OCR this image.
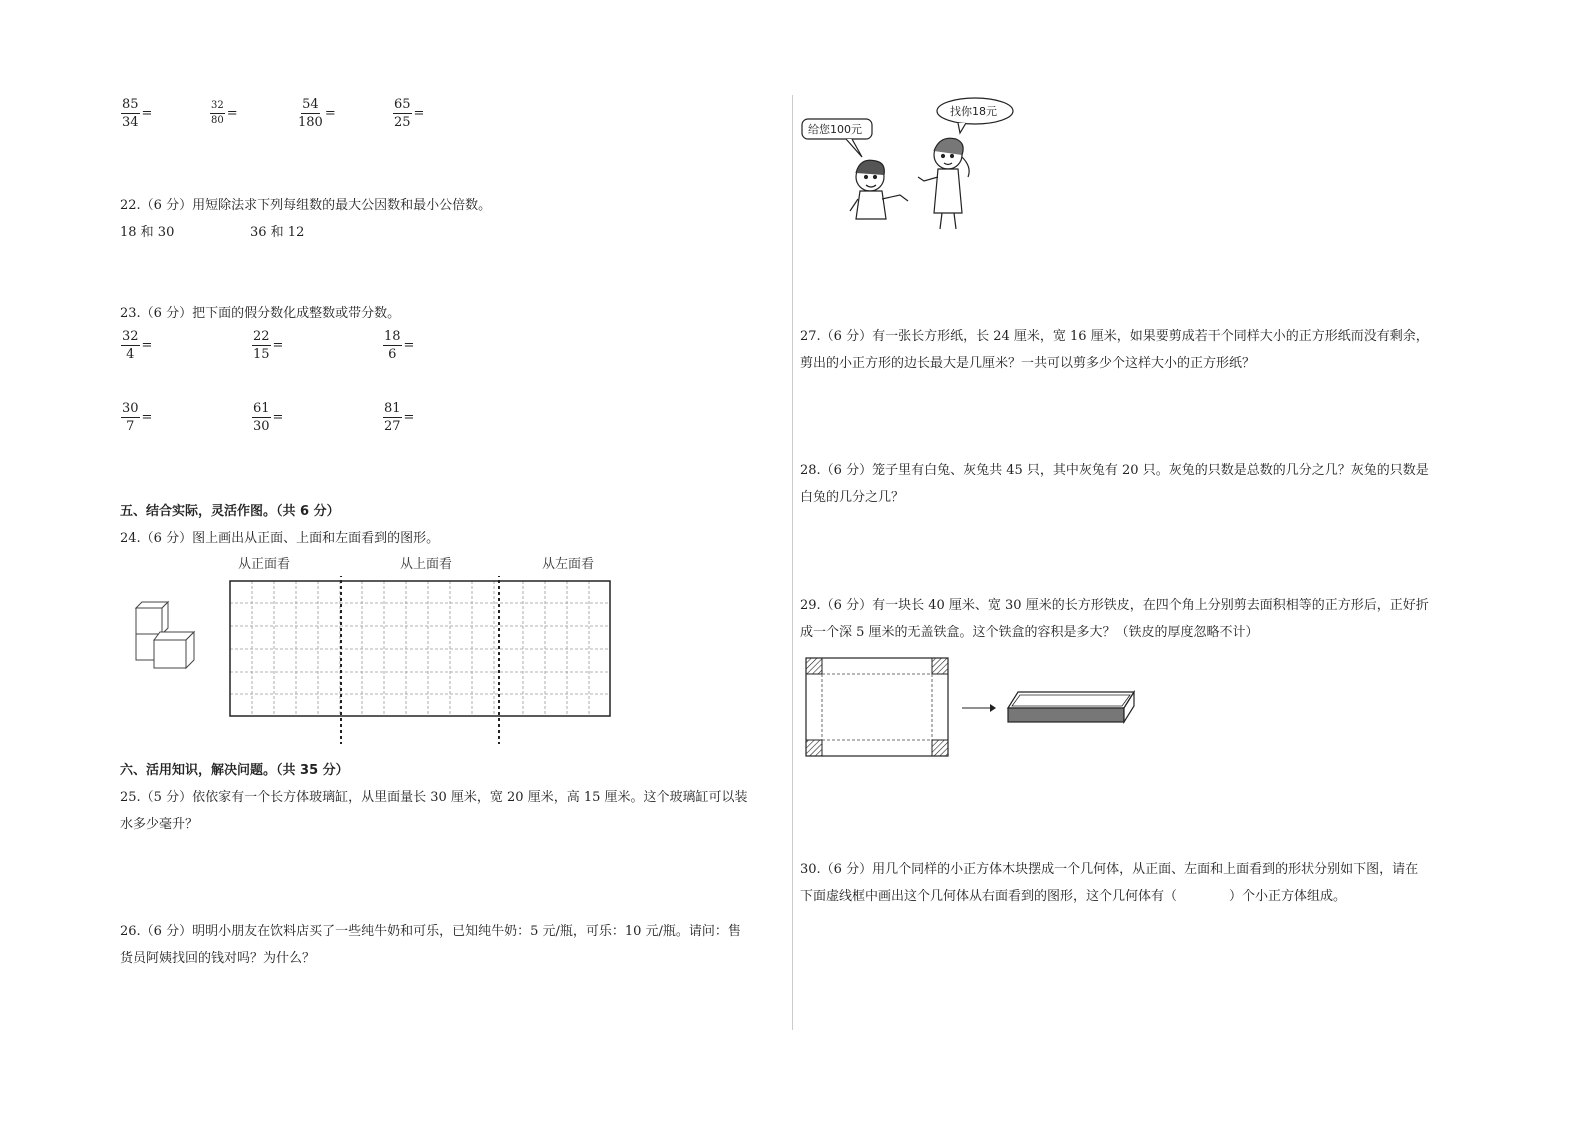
$\frac{85}{34}$ =	$\frac{32}{80}$ =	$\frac{54}{180}$ =	$\frac{65}{25}$ =
22.（6 分）用短除法求下列每组数的最大公因数和最小公倍数。
18 和 30	36 和 12
23.（6 分）把下面的假分数化成整数或带分数。
$\frac{32}{4}$ =	$\frac{22}{15}$ =	$\frac{18}{6}$ =
$\frac{30}{7}$ =	$\frac{61}{30}$ =	$\frac{81}{27}$ =
五、结合实际，灵活作图。（共 6 分）
24.（6 分）图上画出从正面、上面和左面看到的图形。
从正面看	从上面看	从左面看
六、活用知识，解决问题。（共 35 分）
25.（5 分）依依家有一个长方体玻璃缸，从里面量长 30 厘米，宽 20 厘米，高 15 厘米。这个玻璃缸可以装
水多少毫升？
26.（6 分）明明小朋友在饮料店买了一些纯牛奶和可乐，已知纯牛奶：5 元/瓶，可乐：10 元/瓶。请问：售
货员阿姨找回的钱对吗？为什么？
给您100元
找你18元
27.（6 分）有一张长方形纸，长 24 厘米，宽 16 厘米，如果要剪成若干个同样大小的正方形纸而没有剩余，
剪出的小正方形的边长最大是几厘米？一共可以剪多少个这样大小的正方形纸？
28.（6 分）笼子里有白兔、灰兔共 45 只，其中灰兔有 20 只。灰兔的只数是总数的几分之几？灰兔的只数是
白兔的几分之几？
29.（6 分）有一块长 40 厘米、宽 30 厘米的长方形铁皮，在四个角上分别剪去面积相等的正方形后，正好折
成一个深 5 厘米的无盖铁盒。这个铁盒的容积是多大？（铁皮的厚度忽略不计）
30.（6 分）用几个同样的小正方体木块摆成一个几何体，从正面、左面和上面看到的形状分别如下图，请在
下面虚线框中画出这个几何体从右面看到的图形，这个几何体有（　　　　）个小正方体组成。
